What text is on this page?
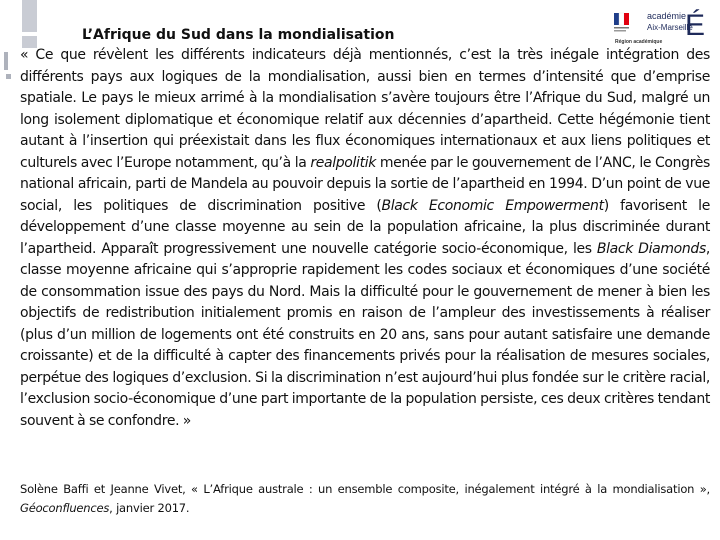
L’Afrique du Sud dans la mondialisation
académie
Aix-Marseille
É
Région académique

« Ce que révèlent les différents indicateurs déjà mentionnés, c’est la très inégale intégration des différents pays aux logiques de la mondialisation, aussi bien en termes d’intensité que d’emprise spatiale. Le pays le mieux arrimé à la mondialisation s’avère toujours être l’Afrique du Sud, malgré un long isolement diplomatique et économique relatif aux décennies d’apartheid. Cette hégémonie tient autant à l’insertion qui préexistait dans les flux économiques internationaux et aux liens politiques et culturels avec l’Europe notamment, qu’à la realpolitik menée par le gouvernement de l’ANC, le Congrès national africain, parti de Mandela au pouvoir depuis la sortie de l’apartheid en 1994. D’un point de vue social, les politiques de discrimination positive (Black Economic Empowerment) favorisent le développement d’une classe moyenne au sein de la population africaine, la plus discriminée durant l’apartheid. Apparaît progressivement une nouvelle catégorie socio-économique, les Black Diamonds, classe moyenne africaine qui s’approprie rapidement les codes sociaux et économiques d’une société de consommation issue des pays du Nord. Mais la difficulté pour le gouvernement de mener à bien les objectifs de redistribution initialement promis en raison de l’ampleur des investissements à réaliser (plus d’un million de logements ont été construits en 20 ans, sans pour autant satisfaire une demande croissante) et de la difficulté à capter des financements privés pour la réalisation de mesures sociales, perpétue des logiques d’exclusion. Si la discrimination n’est aujourd’hui plus fondée sur le critère racial, l’exclusion socio-économique d’une part importante de la population persiste, ces deux critères tendant souvent à se confondre. »

Solène Baffi et Jeanne Vivet, « L’Afrique australe : un ensemble composite, inégalement intégré à la mondialisation », Géoconfluences, janvier 2017.
